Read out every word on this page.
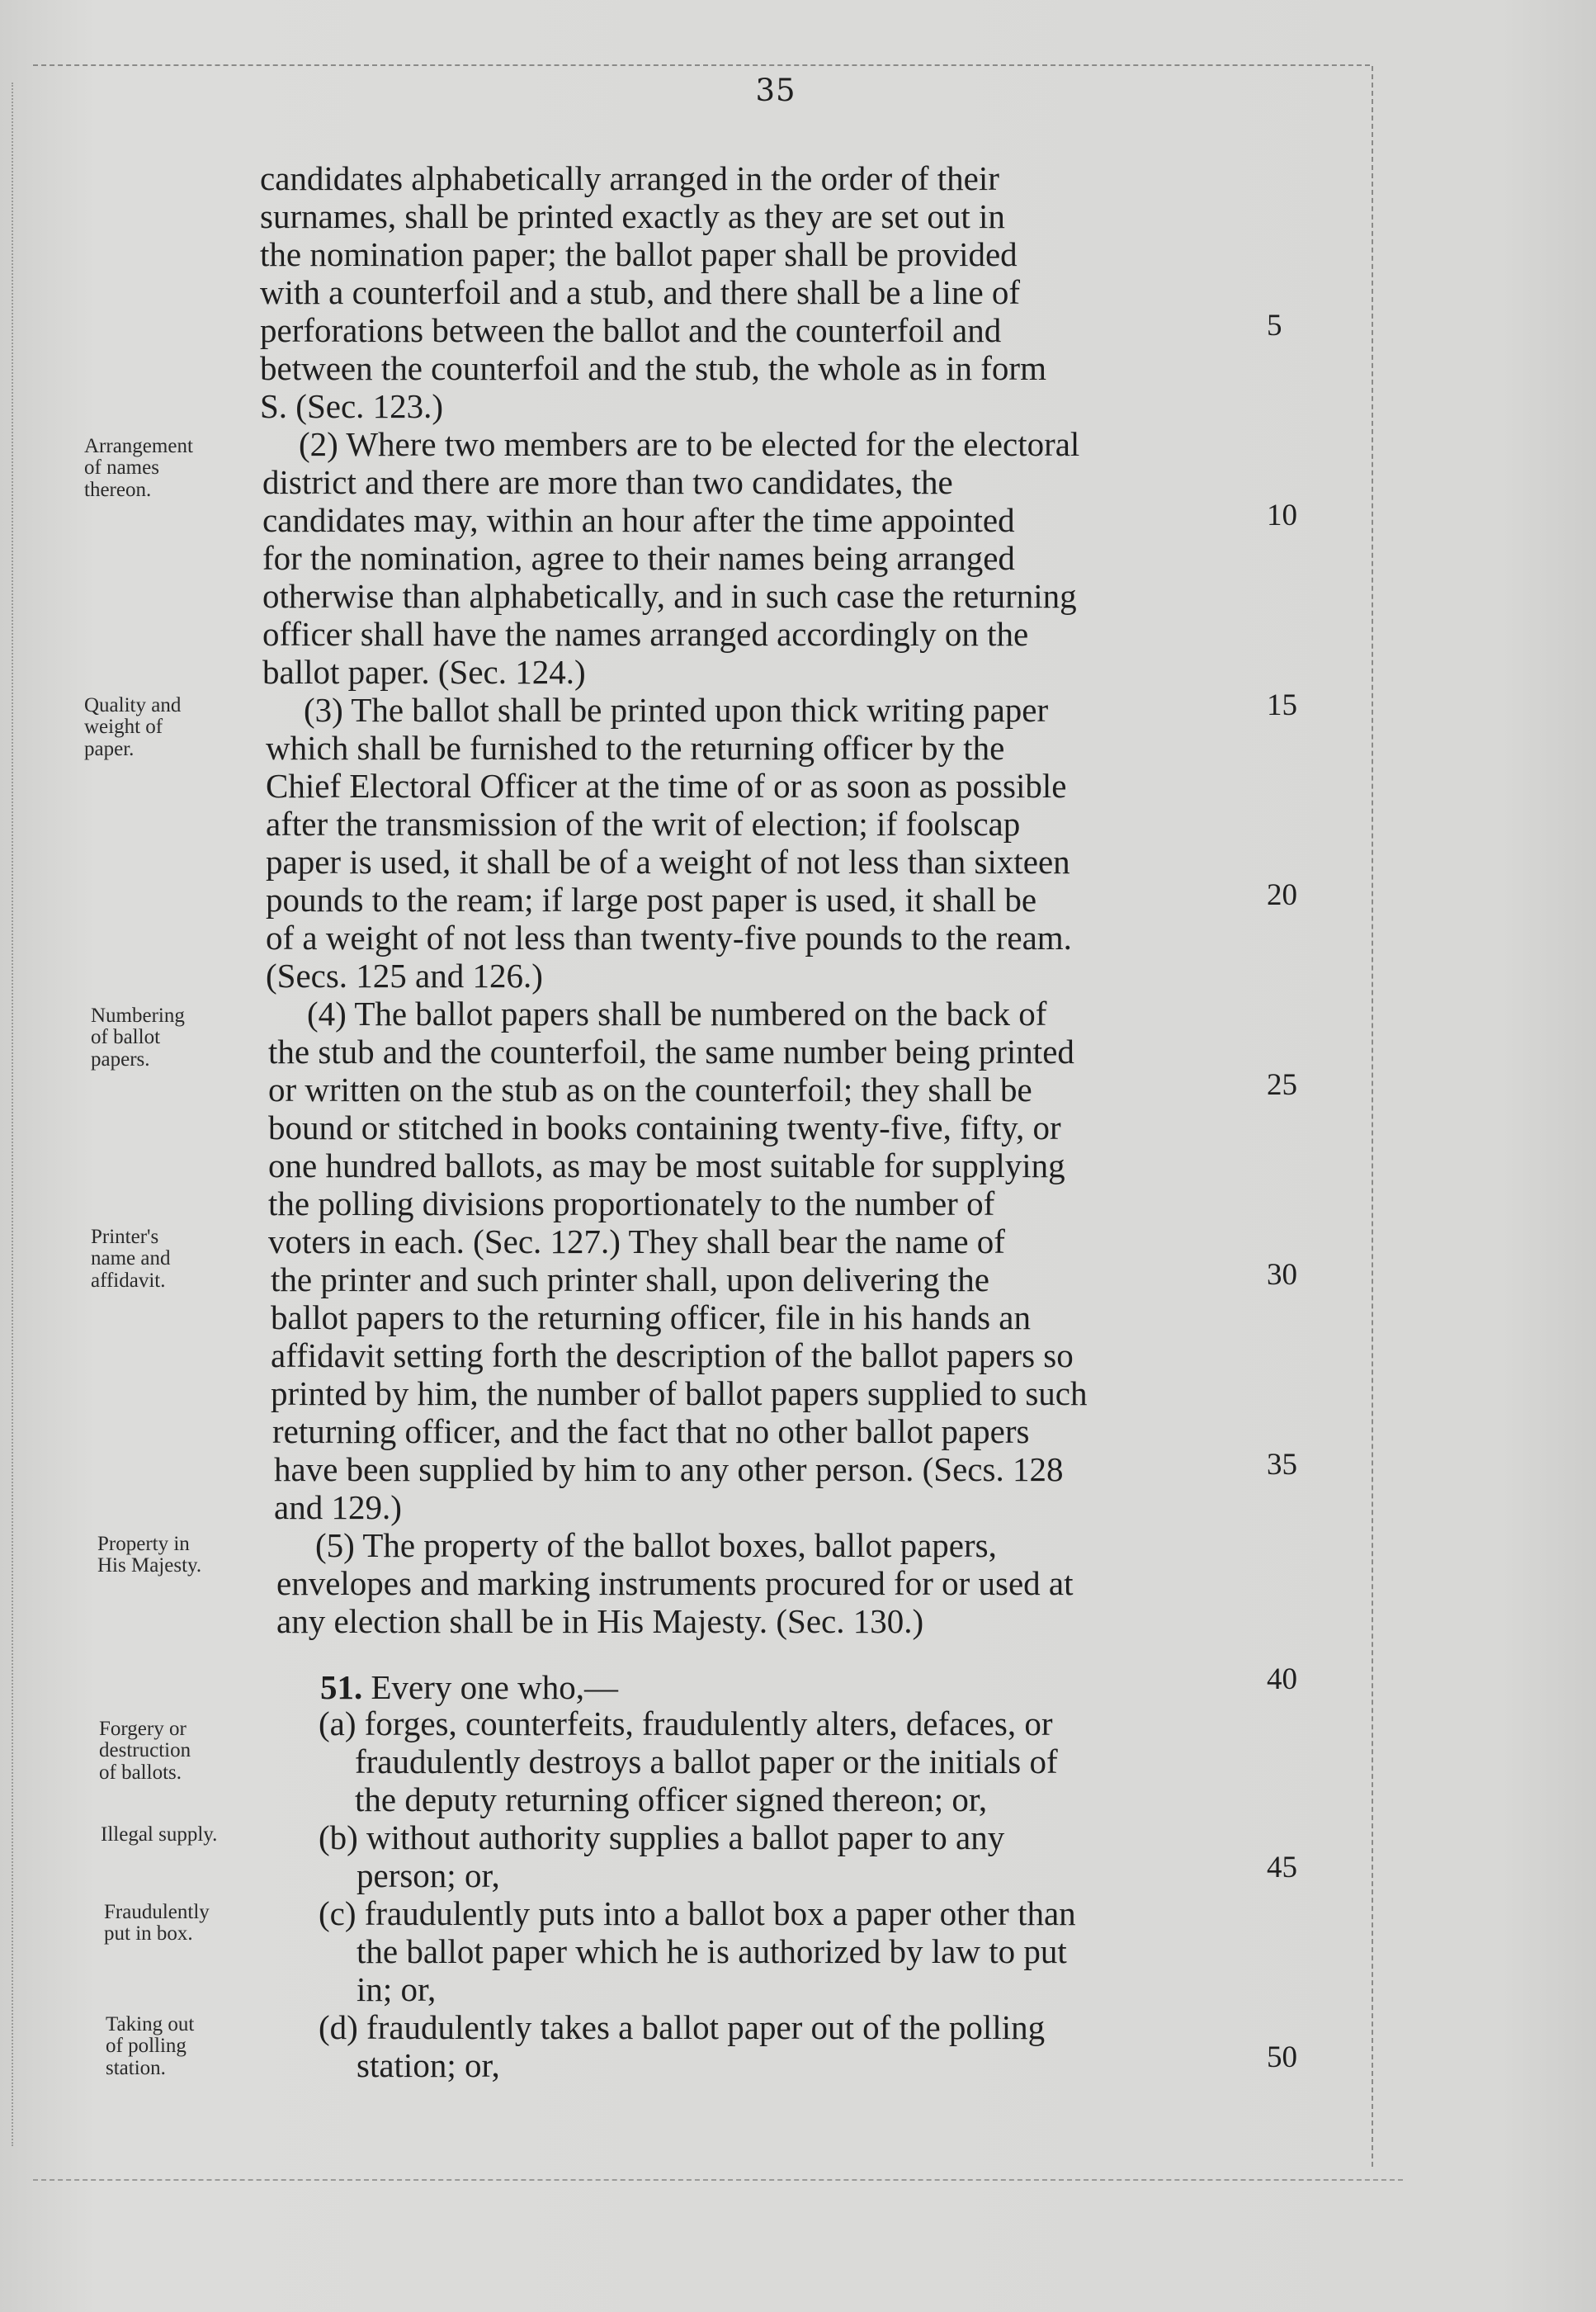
35

candidates alphabetically arranged in the order of their

surnames, shall be printed exactly as they are set out in

the nomination paper; the ballot paper shall be provided

with a counterfoil and a stub, and there shall be a line of

perforations between the ballot and the counterfoil and

between the counterfoil and the stub, the whole as in form

S. (Sec. 123.)

(2) Where two members are to be elected for the electoral

district and there are more than two candidates, the

candidates may, within an hour after the time appointed

for the nomination, agree to their names being arranged

otherwise than alphabetically, and in such case the returning

officer shall have the names arranged accordingly on the

ballot paper. (Sec. 124.)

(3) The ballot shall be printed upon thick writing paper

which shall be furnished to the returning officer by the

Chief Electoral Officer at the time of or as soon as possible

after the transmission of the writ of election; if foolscap

paper is used, it shall be of a weight of not less than sixteen

pounds to the ream; if large post paper is used, it shall be

of a weight of not less than twenty-five pounds to the ream.

(Secs. 125 and 126.)

(4) The ballot papers shall be numbered on the back of

the stub and the counterfoil, the same number being printed

or written on the stub as on the counterfoil; they shall be

bound or stitched in books containing twenty-five, fifty, or

one hundred ballots, as may be most suitable for supplying

the polling divisions proportionately to the number of

voters in each. (Sec. 127.) They shall bear the name of

the printer and such printer shall, upon delivering the

ballot papers to the returning officer, file in his hands an

affidavit setting forth the description of the ballot papers so

printed by him, the number of ballot papers supplied to such

returning officer, and the fact that no other ballot papers

have been supplied by him to any other person. (Secs. 128

and 129.)

(5) The property of the ballot boxes, ballot papers,

envelopes and marking instruments procured for or used at

any election shall be in His Majesty. (Sec. 130.)

51. Every one who,—

(a) forges, counterfeits, fraudulently alters, defaces, or

fraudulently destroys a ballot paper or the initials of

the deputy returning officer signed thereon; or,

(b) without authority supplies a ballot paper to any

person; or,

(c) fraudulently puts into a ballot box a paper other than

the ballot paper which he is authorized by law to put

in; or,

(d) fraudulently takes a ballot paper out of the polling

station; or,

5

10

15

20

25

30

35

40

45

50

Arrangement
of names
thereon.
Quality and
weight of
paper.
Numbering
of ballot
papers.
Printer's
name and
affidavit.
Property in
His Majesty.
Forgery or
destruction
of ballots.
Illegal supply.
Fraudulently
put in box.
Taking out
of polling
station.
